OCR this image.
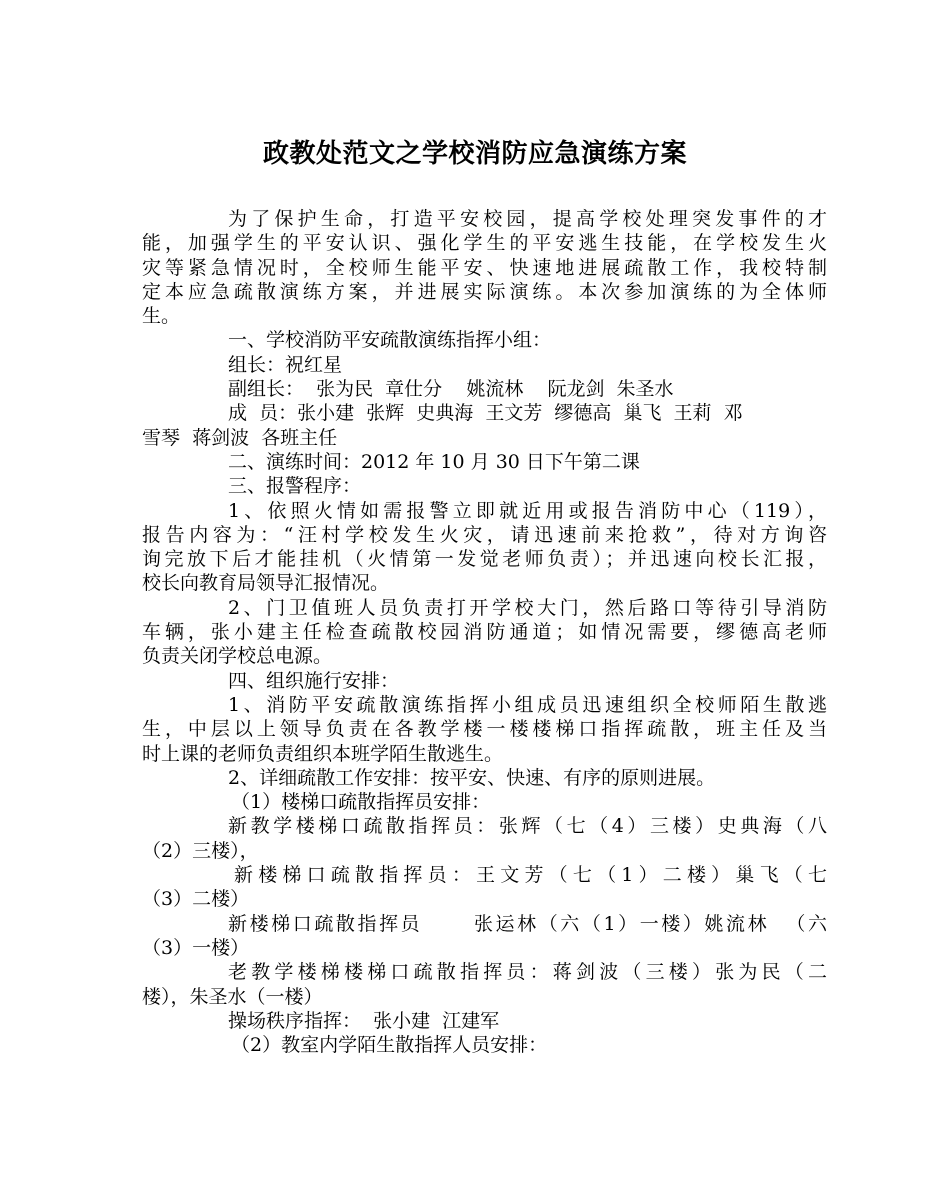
政教处范文之学校消防应急演练方案
为了保护生命，打造平安校园，提高学校处理突发事件的才
能，加强学生的平安认识、强化学生的平安逃生技能，在学校发生火
灾等紧急情况时，全校师生能平安、快速地进展疏散工作，我校特制
定本应急疏散演练方案，并进展实际演练。本次参加演练的为全体师
生。
一、学校消防平安疏散演练指挥小组：
组长：祝红星
副组长：  张为民  章仕分    姚流林    阮龙剑  朱圣水
成  员：张小建  张辉  史典海  王文芳  缪德高  巢飞  王莉  邓
雪琴  蒋剑波  各班主任
二、演练时间：2012 年 10 月 30 日下午第二课
三、报警程序：
1、依照火情如需报警立即就近用或报告消防中心（119），
报告内容为：“汪村学校发生火灾，请迅速前来抢救”，待对方询咨
询完放下后才能挂机（火情第一发觉老师负责）；并迅速向校长汇报，
校长向教育局领导汇报情况。
2、门卫值班人员负责打开学校大门，然后路口等待引导消防
车辆，张小建主任检查疏散校园消防通道；如情况需要，缪德高老师
负责关闭学校总电源。
四、组织施行安排：
1、消防平安疏散演练指挥小组成员迅速组织全校师陌生散逃
生，中层以上领导负责在各教学楼一楼楼梯口指挥疏散，班主任及当
时上课的老师负责组织本班学陌生散逃生。
2、详细疏散工作安排：按平安、快速、有序的原则进展。
（1）楼梯口疏散指挥员安排：
新教学楼梯口疏散指挥员：张辉（七（4）三楼）史典海（八
（2）三楼），
新楼梯口疏散指挥员：王文芳（七（1）二楼）巢飞（七
（3）二楼）
新楼梯口疏散指挥员      张运林（六（1）一楼）姚流林  （六
（3）一楼）
老教学楼梯楼梯口疏散指挥员：蒋剑波（三楼）张为民（二
楼），朱圣水（一楼）
操场秩序指挥：  张小建  江建军
（2）教室内学陌生散指挥人员安排：
